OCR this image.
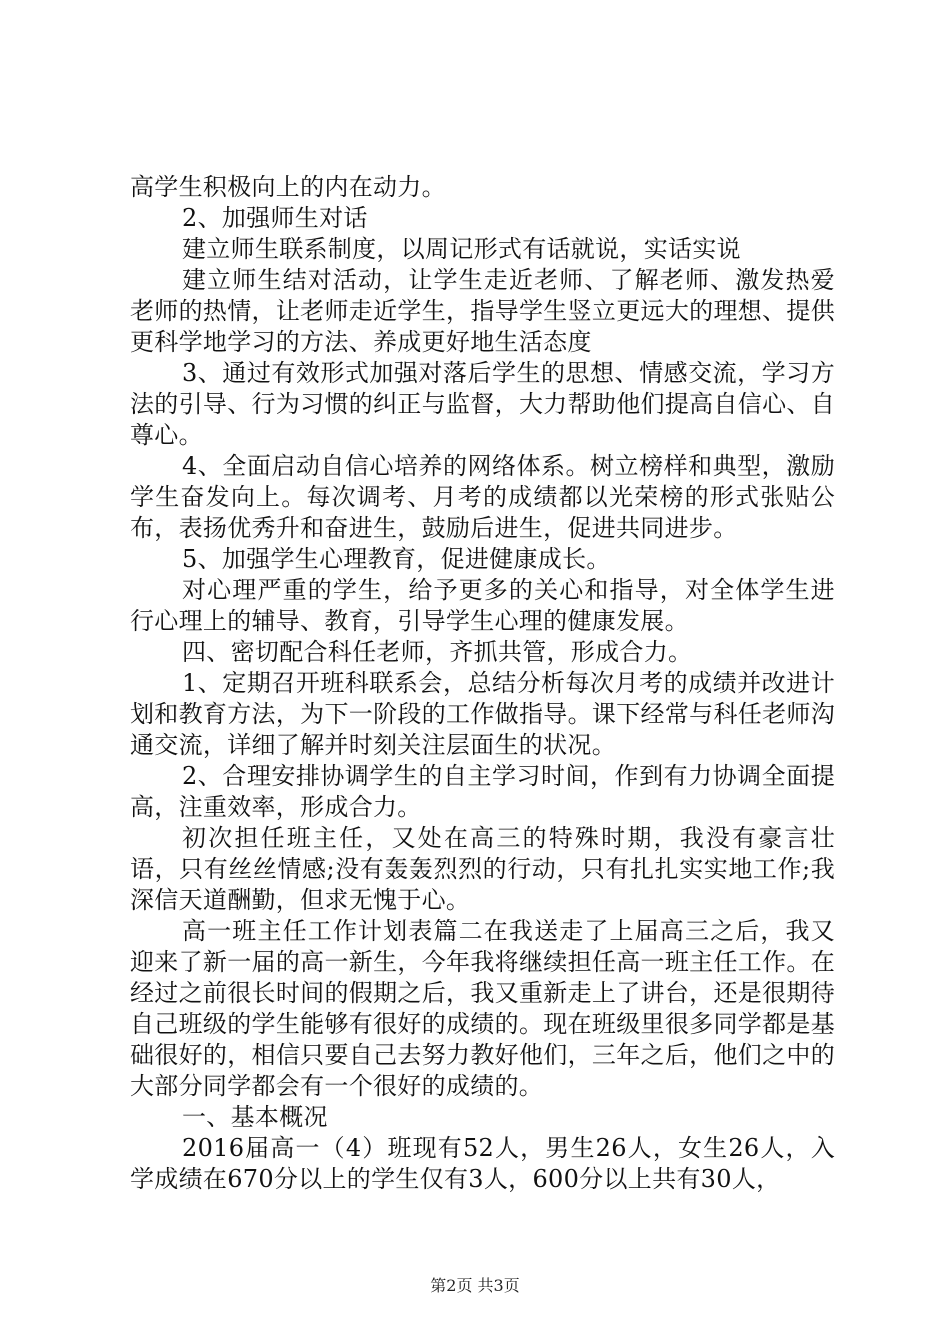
高学生积极向上的内在动力。

2、加强师生对话

建立师生联系制度，以周记形式有话就说，实话实说

建立师生结对活动，让学生走近老师、了解老师、激发热爱老师的热情，让老师走近学生，指导学生竖立更远大的理想、提供更科学地学习的方法、养成更好地生活态度

3、通过有效形式加强对落后学生的思想、情感交流，学习方法的引导、行为习惯的纠正与监督，大力帮助他们提高自信心、自尊心。

4、全面启动自信心培养的网络体系。树立榜样和典型，激励学生奋发向上。每次调考、月考的成绩都以光荣榜的形式张贴公布，表扬优秀升和奋进生，鼓励后进生，促进共同进步。

5、加强学生心理教育，促进健康成长。

对心理严重的学生，给予更多的关心和指导，对全体学生进行心理上的辅导、教育，引导学生心理的健康发展。

四、密切配合科任老师，齐抓共管，形成合力。

1、定期召开班科联系会，总结分析每次月考的成绩并改进计划和教育方法，为下一阶段的工作做指导。课下经常与科任老师沟通交流，详细了解并时刻关注层面生的状况。

2、合理安排协调学生的自主学习时间，作到有力协调全面提高，注重效率，形成合力。

初次担任班主任，又处在高三的特殊时期，我没有豪言壮语，只有丝丝情感;没有轰轰烈烈的行动，只有扎扎实实地工作;我深信天道酬勤，但求无愧于心。

高一班主任工作计划表篇二在我送走了上届高三之后，我又迎来了新一届的高一新生，今年我将继续担任高一班主任工作。在经过之前很长时间的假期之后，我又重新走上了讲台，还是很期待自己班级的学生能够有很好的成绩的。现在班级里很多同学都是基础很好的，相信只要自己去努力教好他们，三年之后，他们之中的大部分同学都会有一个很好的成绩的。

一、基本概况

2016届高一（4）班现有52人，男生26人，女生26人，入学成绩在670分以上的学生仅有3人，600分以上共有30人，

第2页 共3页
